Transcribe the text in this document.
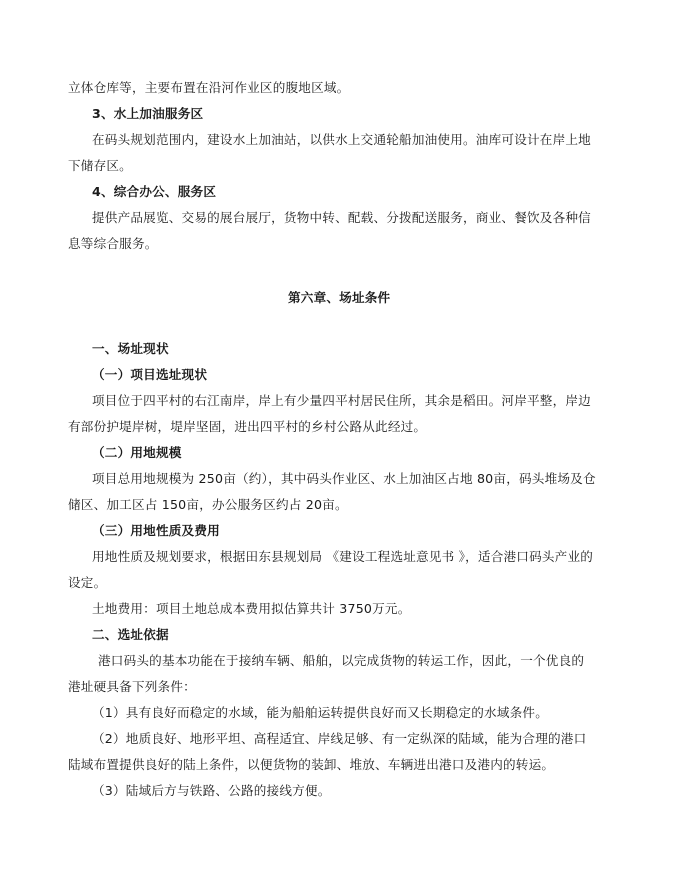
立体仓库等，主要布置在沿河作业区的腹地区域。
3、水上加油服务区
在码头规划范围内，建设水上加油站，以供水上交通轮船加油使用。油库可设计在岸上地
下储存区。
4、综合办公、服务区
提供产品展览、交易的展台展厅，货物中转、配载、分拨配送服务，商业、餐饮及各种信
息等综合服务。
第六章、场址条件
一、场址现状
（一）项目选址现状
项目位于四平村的右江南岸，岸上有少量四平村居民住所，其余是稻田。河岸平整，岸边
有部份护堤岸树，堤岸坚固，进出四平村的乡村公路从此经过。
（二）用地规模
项目总用地规模为 250亩（约），其中码头作业区、水上加油区占地 80亩，码头堆场及仓
储区、加工区占 150亩，办公服务区约占 20亩。
（三）用地性质及费用
用地性质及规划要求，根据田东县规划局 《建设工程选址意见书 》，适合港口码头产业的
设定。
土地费用：项目土地总成本费用拟估算共计 3750万元。
二、选址依据
港口码头的基本功能在于接纳车辆、船舶，以完成货物的转运工作，因此，一个优良的
港址硬具备下列条件：
（1）具有良好而稳定的水域，能为船舶运转提供良好而又长期稳定的水域条件。
（2）地质良好、地形平坦、高程适宜、岸线足够、有一定纵深的陆域，能为合理的港口
陆域布置提供良好的陆上条件，以便货物的装卸、堆放、车辆进出港口及港内的转运。
（3）陆域后方与铁路、公路的接线方便。
